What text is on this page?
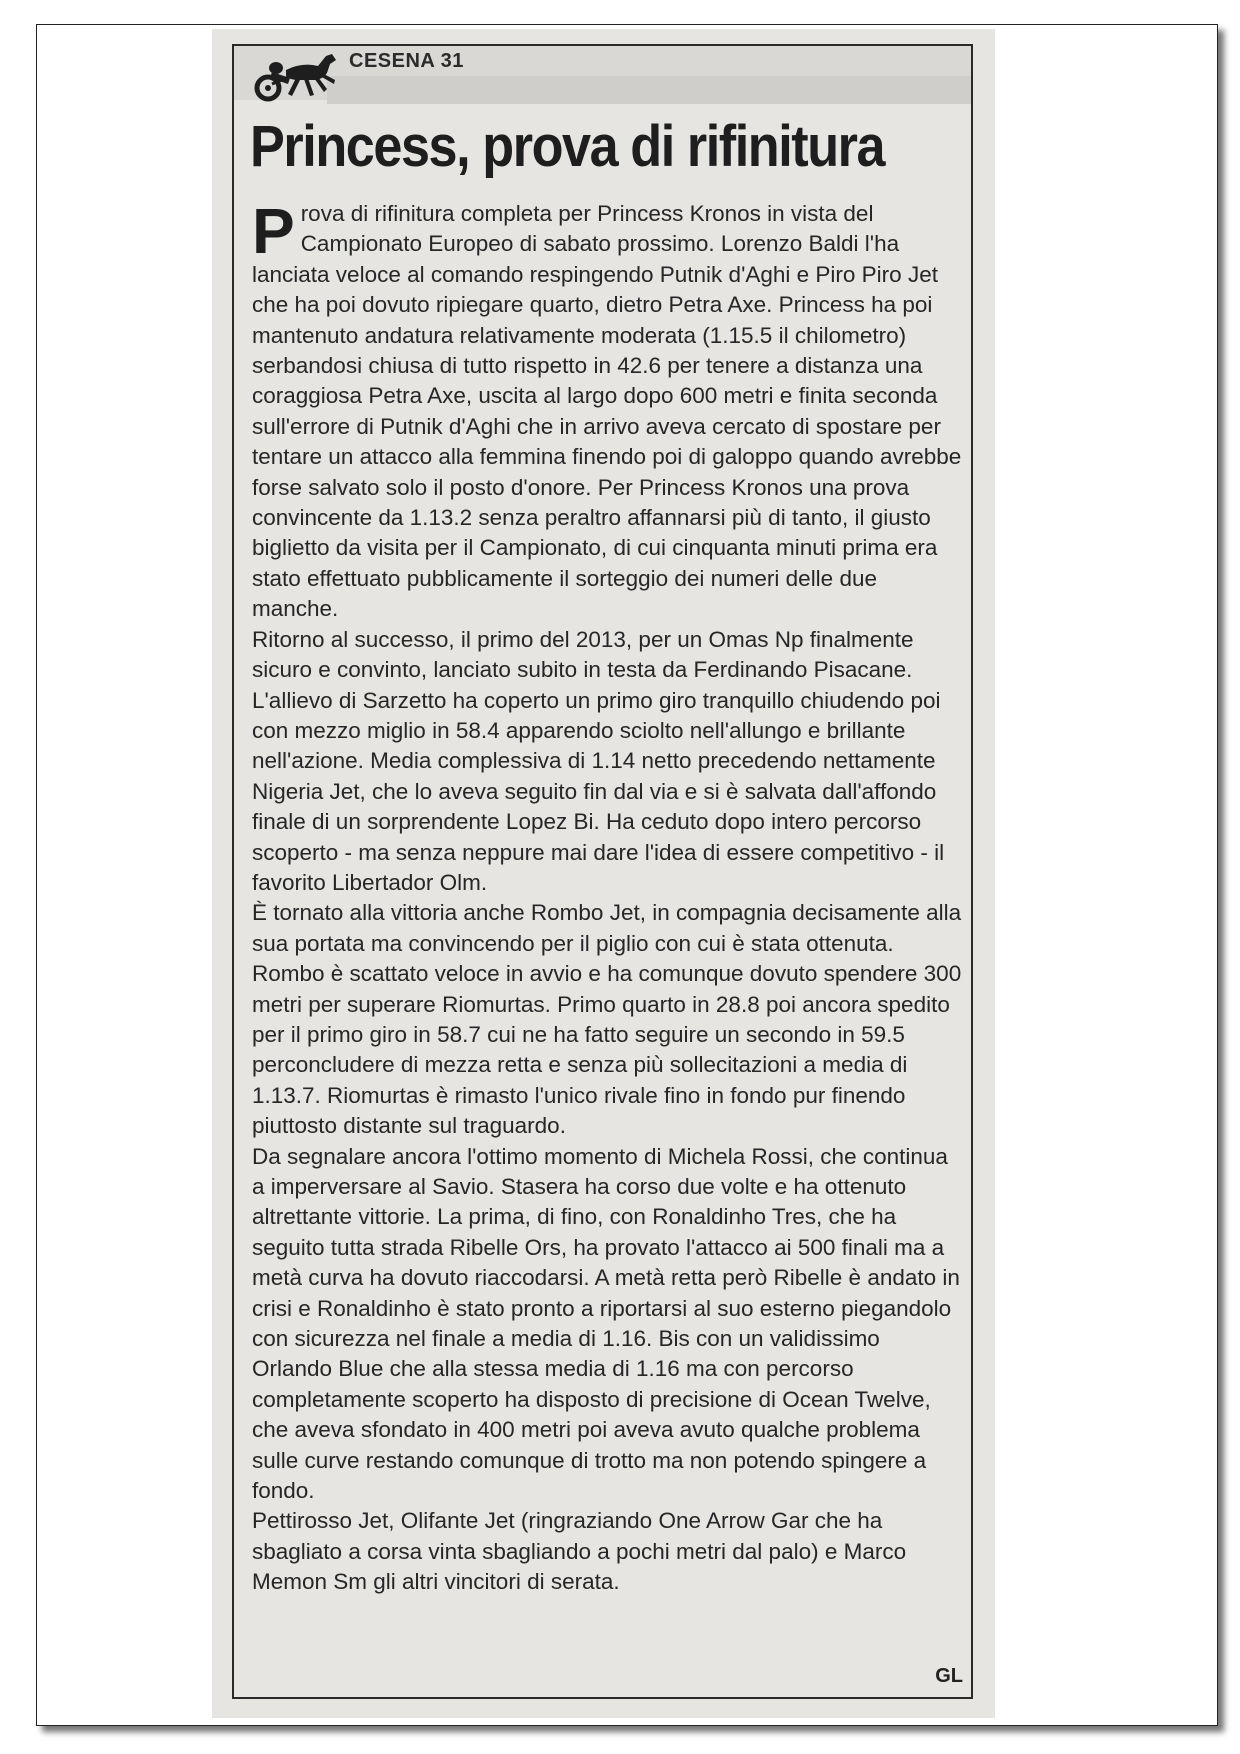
CESENA 31
Princess, prova di rifinitura

Prova di rifinitura completa per Princess Kronos in vista del Campionato Europeo di sabato prossimo. Lorenzo Baldi l'ha lanciata veloce al comando respingendo Putnik d'Aghi e Piro Piro Jet che ha poi dovuto ripiegare quarto, dietro Petra Axe. Princess ha poi mantenuto andatura relativamente moderata (1.15.5 il chilometro) serbandosi chiusa di tutto rispetto in 42.6 per tenere a distanza una coraggiosa Petra Axe, uscita al largo dopo 600 metri e finita seconda sull'errore di Putnik d'Aghi che in arrivo aveva cercato di spostare per tentare un attacco alla femmina finendo poi di galoppo quando avrebbe forse salvato solo il posto d'onore. Per Princess Kronos una prova convincente da 1.13.2 senza peraltro affannarsi più di tanto, il giusto biglietto da visita per il Campionato, di cui cinquanta minuti prima era stato effettuato pubblicamente il sorteggio dei numeri delle due manche.

Ritorno al successo, il primo del 2013, per un Omas Np finalmente sicuro e convinto, lanciato subito in testa da Ferdinando Pisacane. L'allievo di Sarzetto ha coperto un primo giro tranquillo chiudendo poi con mezzo miglio in 58.4 apparendo sciolto nell'allungo e brillante nell'azione. Media complessiva di 1.14 netto precedendo nettamente Nigeria Jet, che lo aveva seguito fin dal via e si è salvata dall'affondo finale di un sorprendente Lopez Bi. Ha ceduto dopo intero percorso scoperto - ma senza neppure mai dare l'idea di essere competitivo - il favorito Libertador Olm.

È tornato alla vittoria anche Rombo Jet, in compagnia decisamente alla sua portata ma convincendo per il piglio con cui è stata ottenuta. Rombo è scattato veloce in avvio e ha comunque dovuto spendere 300 metri per superare Riomurtas. Primo quarto in 28.8 poi ancora spedito per il primo giro in 58.7 cui ne ha fatto seguire un secondo in 59.5 perconcludere di mezza retta e senza più sollecitazioni a media di 1.13.7. Riomurtas è rimasto l'unico rivale fino in fondo pur finendo piuttosto distante sul traguardo.

Da segnalare ancora l'ottimo momento di Michela Rossi, che continua a imperversare al Savio. Stasera ha corso due volte e ha ottenuto altrettante vittorie. La prima, di fino, con Ronaldinho Tres, che ha seguito tutta strada Ribelle Ors, ha provato l'attacco ai 500 finali ma a metà curva ha dovuto riaccodarsi. A metà retta però Ribelle è andato in crisi e Ronaldinho è stato pronto a riportarsi al suo esterno piegandolo con sicurezza nel finale a media di 1.16. Bis con un validissimo Orlando Blue che alla stessa media di 1.16 ma con percorso completamente scoperto ha disposto di precisione di Ocean Twelve, che aveva sfondato in 400 metri poi aveva avuto qualche problema sulle curve restando comunque di trotto ma non potendo spingere a fondo.

Pettirosso Jet, Olifante Jet (ringraziando One Arrow Gar che ha sbagliato a corsa vinta sbagliando a pochi metri dal palo) e Marco Memon Sm gli altri vincitori di serata.

GL
